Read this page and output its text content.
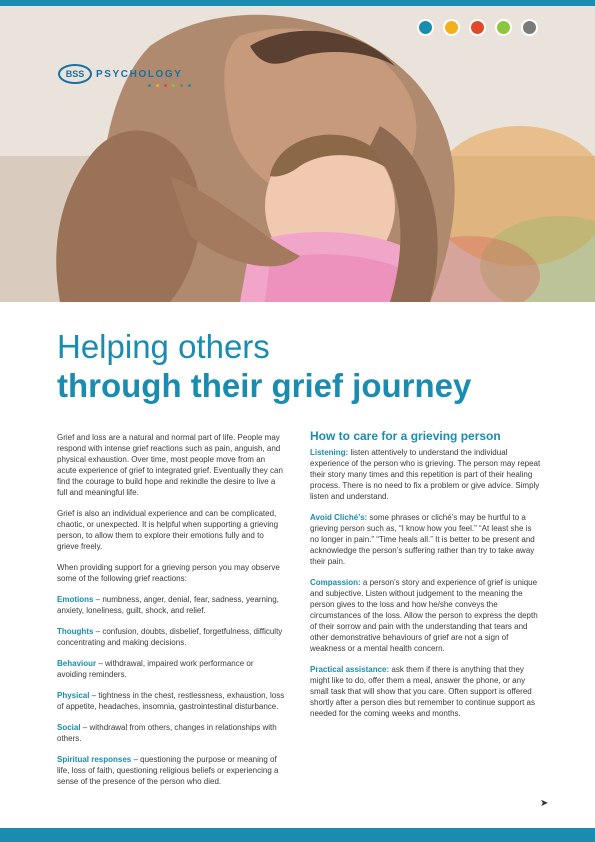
BSS	PSYCHOLOGY
Helping others
through their grief journey

Grief and loss are a natural and normal part of life. People may respond with intense grief reactions such as pain, anguish, and physical exhaustion. Over time, most people move from an acute experience of grief to integrated grief. Eventually they can find the courage to build hope and rekindle the desire to live a full and meaningful life.

Grief is also an individual experience and can be complicated, chaotic, or unexpected. It is helpful when supporting a grieving person, to allow them to explore their emotions fully and to grieve freely.

When providing support for a grieving person you may observe some of the following grief reactions:

Emotions – numbness, anger, denial, fear, sadness, yearning, anxiety, loneliness, guilt, shock, and relief.

Thoughts – confusion, doubts, disbelief, forgetfulness, difficulty concentrating and making decisions.

Behaviour – withdrawal, impaired work performance or avoiding reminders.

Physical – tightness in the chest, restlessness, exhaustion, loss of appetite, headaches, insomnia, gastrointestinal disturbance.

Social – withdrawal from others, changes in relationships with others.

Spiritual responses – questioning the purpose or meaning of life, loss of faith, questioning religious beliefs or experiencing a sense of the presence of the person who died.

How to care for a grieving person

Listening: listen attentively to understand the individual experience of the person who is grieving. The person may repeat their story many times and this repetition is part of their healing process. There is no need to fix a problem or give advice. Simply listen and understand.

Avoid Cliché’s: some phrases or cliché’s may be hurtful to a grieving person such as, “I know how you feel.” “At least she is no longer in pain.” “Time heals all.” It is better to be present and acknowledge the person’s suffering rather than try to take away their pain.

Compassion: a person’s story and experience of grief is unique and subjective. Listen without judgement to the meaning the person gives to the loss and how he/she conveys the circumstances of the loss. Allow the person to express the depth of their sorrow and pain with the understanding that tears and other demonstrative behaviours of grief are not a sign of weakness or a mental health concern.

Practical assistance: ask them if there is anything that they might like to do, offer them a meal, answer the phone, or any small task that will show that you care. Often support is offered shortly after a person dies but remember to continue support as needed for the coming weeks and months.

➤
